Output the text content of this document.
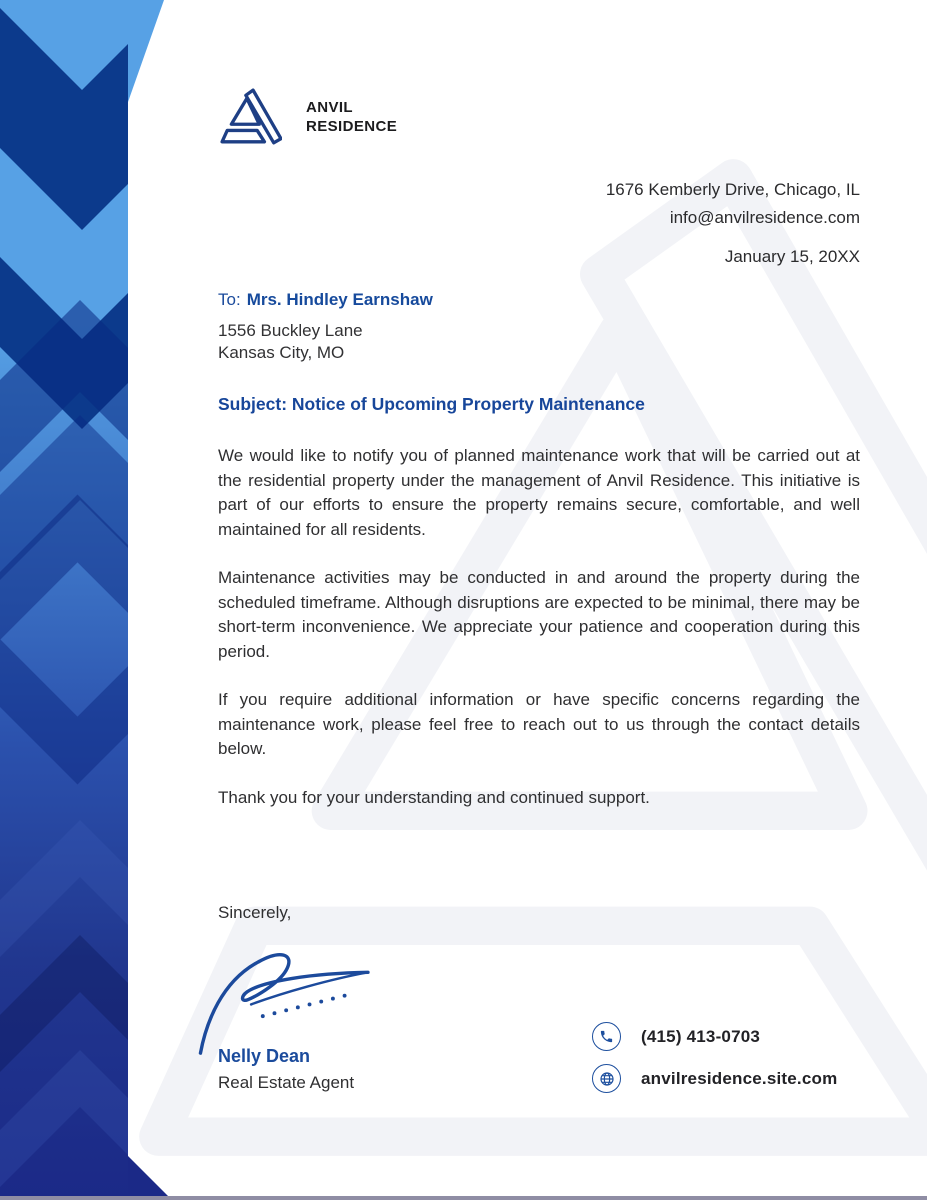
ANVIL
RESIDENCE
1676 Kemberly Drive, Chicago, IL
info@anvilresidence.com
January 15, 20XX
To: Mrs. Hindley Earnshaw
1556 Buckley Lane
Kansas City, MO
Subject: Notice of Upcoming Property Maintenance

We would like to notify you of planned maintenance work that will be carried out at the residential property under the management of Anvil Residence. This initiative is part of our efforts to ensure the property remains secure, comfortable, and well maintained for all residents.

Maintenance activities may be conducted in and around the property during the scheduled timeframe. Although disruptions are expected to be minimal, there may be short-term inconvenience. We appreciate your patience and cooperation during this period.

If you require additional information or have specific concerns regarding the maintenance work, please feel free to reach out to us through the contact details below.

Thank you for your understanding and continued support.

Sincerely,
Nelly Dean
Real Estate Agent
(415) 413-0703
anvilresidence.site.com
